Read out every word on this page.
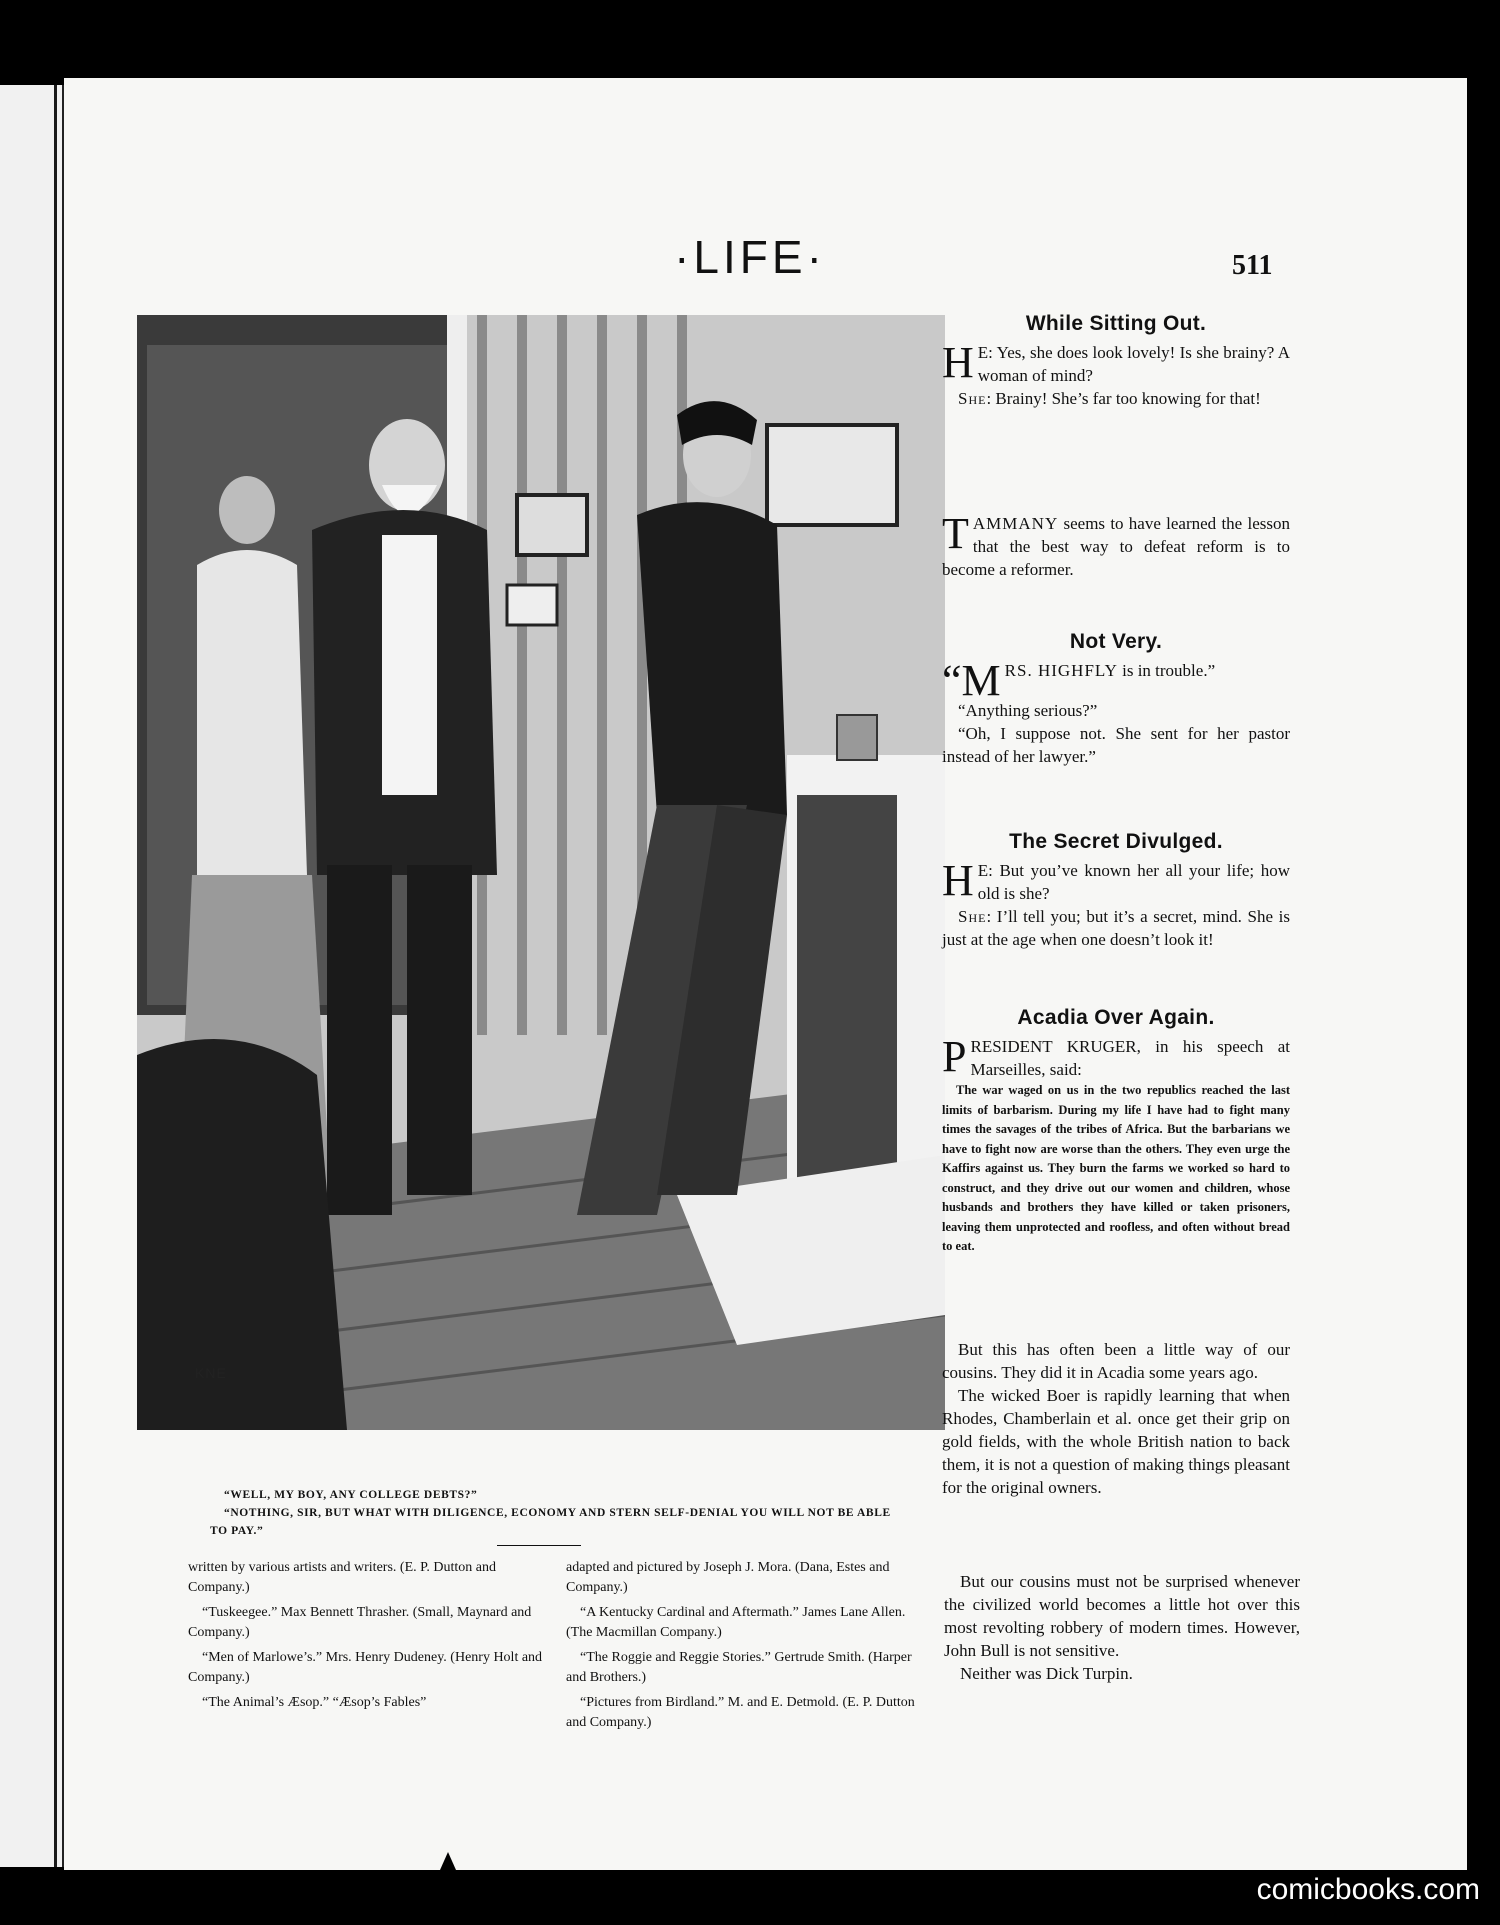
·LIFE·	511
KNE

“WELL, MY BOY, ANY COLLEGE DEBTS?”

“NOTHING, SIR, BUT WHAT WITH DILIGENCE, ECONOMY AND STERN SELF-DENIAL YOU WILL NOT BE ABLE TO PAY.”

written by various artists and writers. (E. P. Dutton and Company.)

“Tuskeegee.” Max Bennett Thrasher. (Small, Maynard and Company.)

“Men of Marlowe’s.” Mrs. Henry Dudeney. (Henry Holt and Company.)

“The Animal’s Æsop.” “Æsop’s Fables”

adapted and pictured by Joseph J. Mora. (Dana, Estes and Company.)

“A Kentucky Cardinal and Aftermath.” James Lane Allen. (The Macmillan Company.)

“The Roggie and Reggie Stories.” Gertrude Smith. (Harper and Brothers.)

“Pictures from Birdland.” M. and E. Detmold. (E. P. Dutton and Company.)

While Sitting Out.

H E: Yes, she does look lovely! Is she brainy? A woman of mind?

She: Brainy! She’s far too knowing for that!

TAMMANY seems to have learned the lesson that the best way to defeat reform is to become a reformer.

Not Very.

“MRS. HIGHFLY is in trouble.”

“Anything serious?”

“Oh, I suppose not. She sent for her pastor instead of her lawyer.”

The Secret Divulged.

H E: But you’ve known her all your life; how old is she?

She: I’ll tell you; but it’s a secret, mind. She is just at the age when one doesn’t look it!

Acadia Over Again.

PRESIDENT KRUGER, in his speech at Marseilles, said:

The war waged on us in the two republics reached the last limits of barbarism. During my life I have had to fight many times the savages of the tribes of Africa. But the barbarians we have to fight now are worse than the others. They even urge the Kaffirs against us. They burn the farms we worked so hard to construct, and they drive out our women and children, whose husbands and brothers they have killed or taken prisoners, leaving them unprotected and roofless, and often without bread to eat.

But this has often been a little way of our cousins. They did it in Acadia some years ago.

The wicked Boer is rapidly learning that when Rhodes, Chamberlain et al. once get their grip on gold fields, with the whole British nation to back them, it is not a question of making things pleasant for the original owners.

But our cousins must not be surprised whenever the civilized world becomes a little hot over this most revolting robbery of modern times. However, John Bull is not sensitive.

Neither was Dick Turpin.

comicbooks.com
